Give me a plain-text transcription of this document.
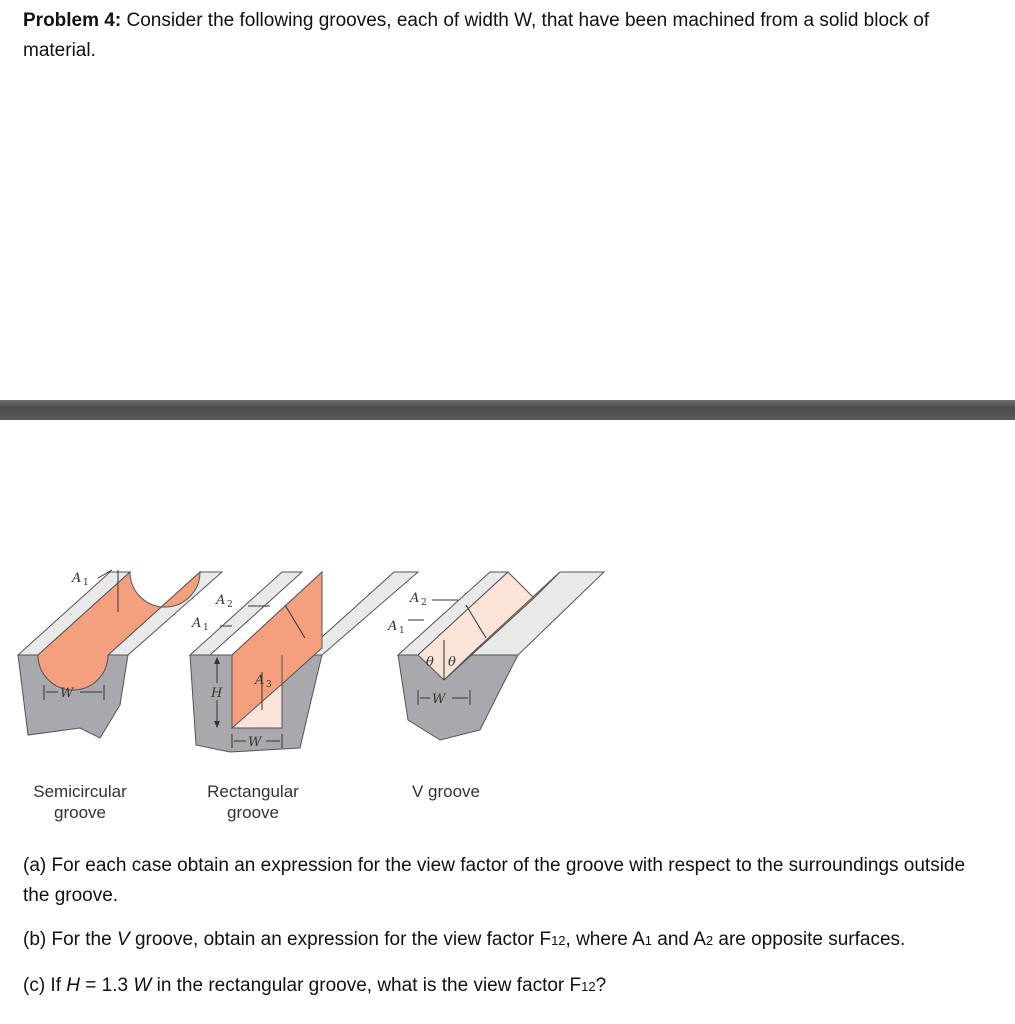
Problem 4: Consider the following grooves, each of width W, that have been machined from a solid block of material.

A 1
W
A 2
A 1
A 3
H
W
A 2
A 1
θ θ
W
Semicircular
groove
Rectangular
groove
V groove

(a) For each case obtain an expression for the view factor of the groove with respect to the surroundings outside the groove.

(b) For the V groove, obtain an expression for the view factor F12, where A1 and A2 are opposite surfaces.

(c) If H = 1.3 W in the rectangular groove, what is the view factor F12?
